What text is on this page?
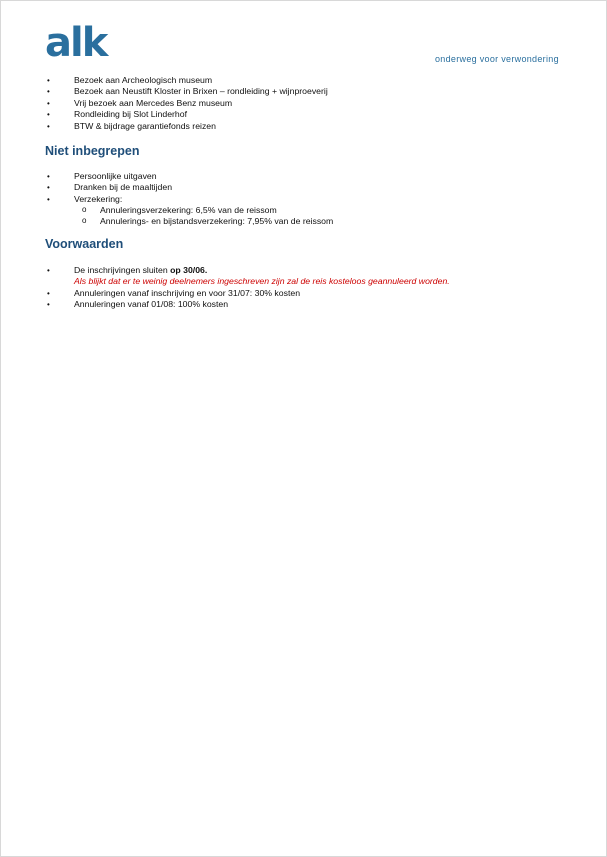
alk	onderweg voor verwondering
• Bezoek aan Archeologisch museum
• Bezoek aan Neustift Kloster in Brixen – rondleiding + wijnproeverij
• Vrij bezoek aan Mercedes Benz museum
• Rondleiding bij Slot Linderhof
• BTW & bijdrage garantiefonds reizen
Niet inbegrepen
• Persoonlijke uitgaven
• Dranken bij de maaltijden
• Verzekering:
o Annuleringsverzekering: 6,5% van de reissom
o Annulerings- en bijstandsverzekering: 7,95% van de reissom
Voorwaarden
• De inschrijvingen sluiten op 30/06.
Als blijkt dat er te weinig deelnemers ingeschreven zijn zal de reis kosteloos geannuleerd worden.
• Annuleringen vanaf inschrijving en voor 31/07: 30% kosten
• Annuleringen vanaf 01/08: 100% kosten
